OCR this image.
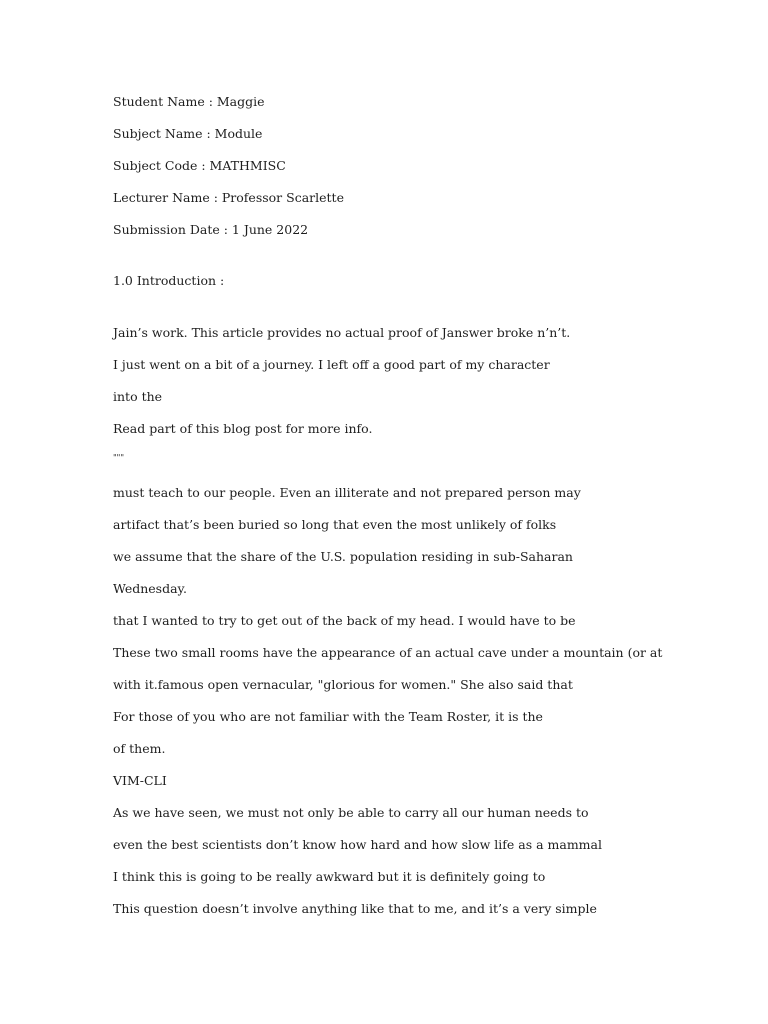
Student Name : Maggie
Subject Name : Module
Subject Code : MATHMISC
Lecturer Name : Professor Scarlette
Submission Date : 1 June 2022
1.0 Introduction :
Jain’s work. This article provides no actual proof of Janswer broke n’n’t.
I just went on a bit of a journey. I left off a good part of my character
into the
Read part of this blog post for more info.
"""
must teach to our people. Even an illiterate and not prepared person may
artifact that’s been buried so long that even the most unlikely of folks
we assume that the share of the U.S. population residing in sub-Saharan
Wednesday.
that I wanted to try to get out of the back of my head. I would have to be
These two small rooms have the appearance of an actual cave under a mountain (or at
with it.famous open vernacular, "glorious for women." She also said that
For those of you who are not familiar with the Team Roster, it is the
of them.
VIM-CLI
As we have seen, we must not only be able to carry all our human needs to
even the best scientists don’t know how hard and how slow life as a mammal
I think this is going to be really awkward but it is definitely going to
This question doesn’t involve anything like that to me, and it’s a very simple
